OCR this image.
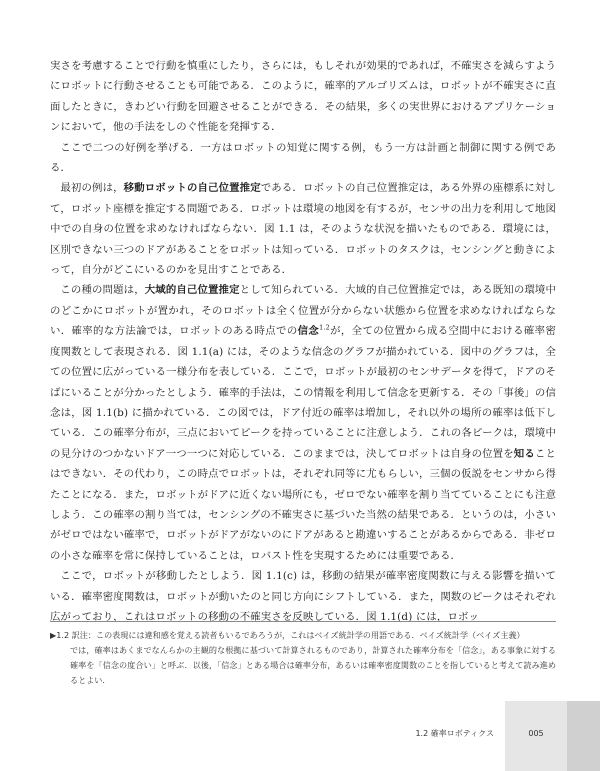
実さを考慮することで行動を慎重にしたり，さらには，もしそれが効果的であれば，不確実さを減らすようにロボットに行動させることも可能である．このように，確率的アルゴリズムは，ロボットが不確実さに直面したときに，きわどい行動を回避させることができる．その結果，多くの実世界におけるアプリケーションにおいて，他の手法をしのぐ性能を発揮する．

ここで二つの好例を挙げる．一方はロボットの知覚に関する例，もう一方は計画と制御に関する例である．

最初の例は，移動ロボットの自己位置推定である．ロボットの自己位置推定は，ある外界の座標系に対して，ロボット座標を推定する問題である．ロボットは環境の地図を有するが，センサの出力を利用して地図中での自身の位置を求めなければならない．図 1.1 は，そのような状況を描いたものである．環境には，区別できない三つのドアがあることをロボットは知っている．ロボットのタスクは，センシングと動きによって，自分がどこにいるのかを見出すことである．

この種の問題は，大域的自己位置推定として知られている．大域的自己位置推定では，ある既知の環境中のどこかにロボットが置かれ，そのロボットは全く位置が分からない状態から位置を求めなければならない．確率的な方法論では，ロボットのある時点での信念$^{1.2}$が，全ての位置から成る空間中における確率密度関数として表現される．図 1.1(a) には，そのような信念のグラフが描かれている．図中のグラフは，全ての位置に広がっている一様分布を表している．ここで，ロボットが最初のセンサデータを得て，ドアのそばにいることが分かったとしよう．確率的手法は，この情報を利用して信念を更新する．その「事後」の信念は，図 1.1(b) に描かれている．この図では，ドア付近の確率は増加し，それ以外の場所の確率は低下している．この確率分布が，三点においてピークを持っていることに注意しよう．これの各ピークは，環境中の見分けのつかないドア一つ一つに対応している．このままでは，決してロボットは自身の位置を知ることはできない．その代わり，この時点でロボットは，それぞれ同等に尤もらしい，三個の仮説をセンサから得たことになる．また，ロボットがドアに近くない場所にも，ゼロでない確率を割り当てていることにも注意しよう．この確率の割り当ては，センシングの不確実さに基づいた当然の結果である．というのは，小さいがゼロではない確率で，ロボットがドアがないのにドアがあると勘違いすることがあるからである．非ゼロの小さな確率を常に保持していることは，ロバスト性を実現するためには重要である．

ここで，ロボットが移動したとしよう．図 1.1(c) は，移動の結果が確率密度関数に与える影響を描いている．確率密度関数は，ロボットが動いたのと同じ方向にシフトしている．また，関数のピークはそれぞれ広がっており，これはロボットの移動の不確実さを反映している．図 1.1(d) には，ロボッ

▶1.2 訳注：この表現には違和感を覚える読者もいるであろうが，これはベイズ統計学の用語である．ベイズ統計学（ベイズ主義）
では，確率はあくまでなんらかの主観的な根拠に基づいて計算されるものであり，計算された確率分布を「信念」，ある事象に対する確率を「信念の度合い」と呼ぶ．以後，「信念」とある場合は確率分布，あるいは確率密度関数のことを指していると考えて読み進めるとよい．
1.2 確率ロボティクス	005
